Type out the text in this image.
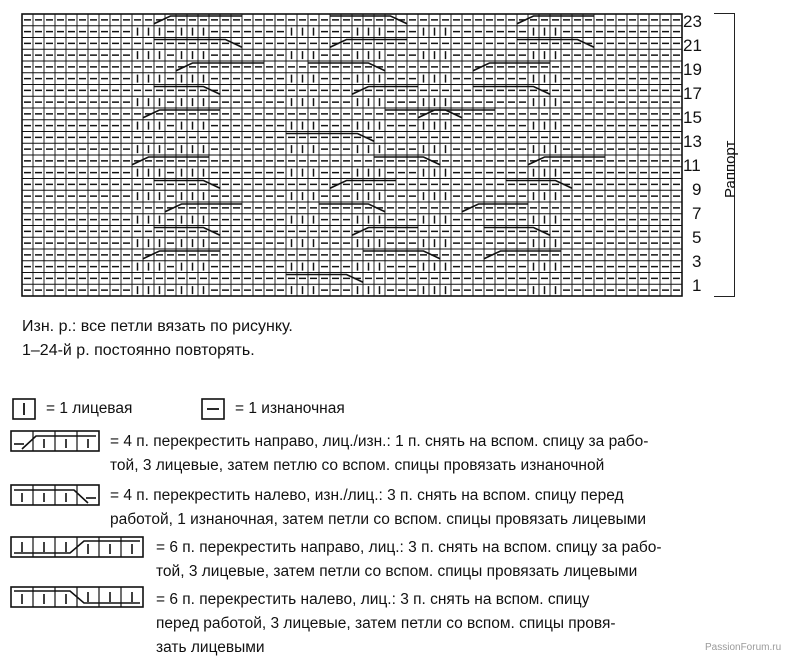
23
21
19
17
15
13
11
9
7
5
3
1
Раппорт
Изн. р.: все петли вязать по рисунку.
1–24-й р. постоянно повторять.
= 1 лицевая	= 1 изнаночная
= 4 п. перекрестить направо, лиц./изн.: 1 п. снять на вспом. спицу за рабо-
той, 3 лицевые, затем петлю со вспом. спицы провязать изнаночной
= 4 п. перекрестить налево, изн./лиц.: 3 п. снять на вспом. спицу перед
работой, 1 изнаночная, затем петли со вспом. спицы провязать лицевыми
= 6 п. перекрестить направо, лиц.: 3 п. снять на вспом. спицу за рабо-
той, 3 лицевые, затем петли со вспом. спицы провязать лицевыми
= 6 п. перекрестить налево, лиц.: 3 п. снять на вспом. спицу
перед работой, 3 лицевые, затем петли со вспом. спицы провя-
зать лицевыми	PassionForum.ru
